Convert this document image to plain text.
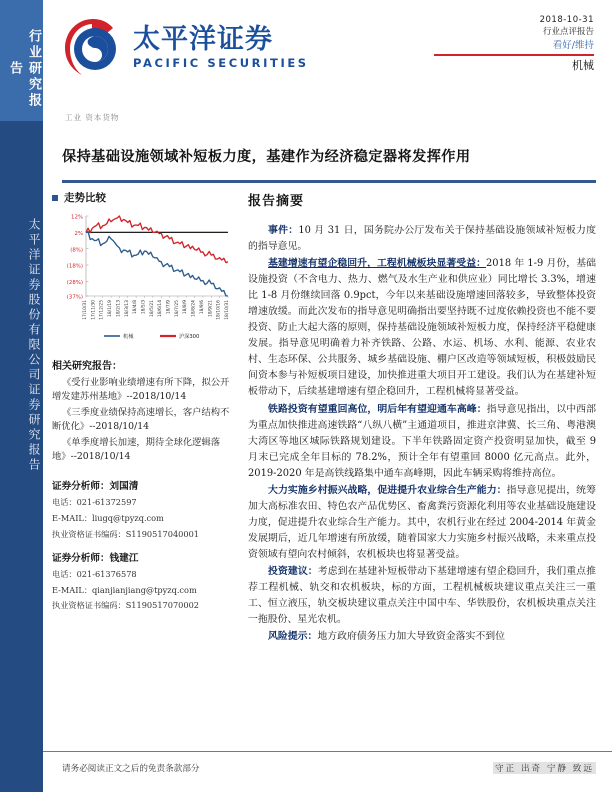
行业研究报告
太平洋证券股份有限公司证券研究报告
太平洋证券
PACIFIC SECURITIES
工业 资本货物
2018-10-31
行业点评报告
看好/维持
机械
保持基础设施领域补短板力度，基建作为经济稳定器将发挥作用
走势比较
12%
2%
(8%)
(18%)
(28%)
(37%)
17/10/31 17/11/30 17/12/25 18/1/19 18/2/13 18/3/13 18/4/8 18/5/3 18/5/21 18/6/14 18/7/9 18/7/25 18/8/9 18/8/24 18/9/6 18/9/21 18/10/16 18/10/31
机械	沪深300
相关研究报告：
《受行业影响业绩增速有所下降，拟公开增发建苏州基地》--2018/10/14
《三季度业绩保持高速增长，客户结构不断优化》--2018/10/14
《单季度增长加速，期待全球化逻辑落地》--2018/10/14
证券分析师：刘国清
电话：021-61372597
E-MAIL：liugq@tpyzq.com
执业资格证书编码：S1190517040001
证券分析师：钱建江
电话：021-61376578
E-MAIL：qianjianjiang@tpyzq.com
执业资格证书编码：S1190517070002
报告摘要
事件：10 月 31 日，国务院办公厅发布关于保持基础设施领域补短板力度的指导意见。
基建增速有望企稳回升，工程机械板块显著受益：2018 年 1-9 月份，基础设施投资（不含电力、热力、燃气及水生产业和供应业）同比增长 3.3%，增速比 1-8 月份继续回落 0.9pct，今年以来基础设施增速回落较多，导致整体投资增速放缓。而此次发布的指导意见明确指出要坚持既不过度依赖投资也不能不要投资、防止大起大落的原则，保持基础设施领域补短板力度，保持经济平稳健康发展。指导意见明确着力补齐铁路、公路、水运、机场、水利、能源、农业农村、生态环保、公共服务、城乡基础设施、棚户区改造等领域短板，积极鼓励民间资本参与补短板项目建设，加快推进重大项目开工建设。我们认为在基建补短板带动下，后续基建增速有望企稳回升，工程机械将显著受益。
铁路投资有望重回高位，明后年有望迎通车高峰：指导意见指出，以中西部为重点加快推进高速铁路“八纵八横”主通道项目，推进京津冀、长三角、粤港澳大湾区等地区城际铁路规划建设。下半年铁路固定资产投资明显加快，截至 9 月末已完成全年目标的 78.2%，预计全年有望重回 8000 亿元高点。此外，2019-2020 年是高铁线路集中通车高峰期，因此车辆采购将维持高位。
大力实施乡村振兴战略，促进提升农业综合生产能力：指导意见提出，统筹加大高标准农田、特色农产品优势区、畜禽粪污资源化利用等农业基础设施建设力度，促进提升农业综合生产能力。其中，农机行业在经过 2004-2014 年黄金发展期后，近几年增速有所放缓，随着国家大力实施乡村振兴战略，未来重点投资领域有望向农村倾斜，农机板块也将显著受益。
投资建议：考虑到在基建补短板带动下基建增速有望企稳回升，我们重点推荐工程机械、轨交和农机板块，标的方面，工程机械板块建议重点关注三一重工、恒立液压，轨交板块建议重点关注中国中车、华铁股份，农机板块重点关注一拖股份、星光农机。
风险提示：地方政府债务压力加大导致资金落实不到位
请务必阅读正文之后的免责条款部分	守正 出奇 宁静 致远
